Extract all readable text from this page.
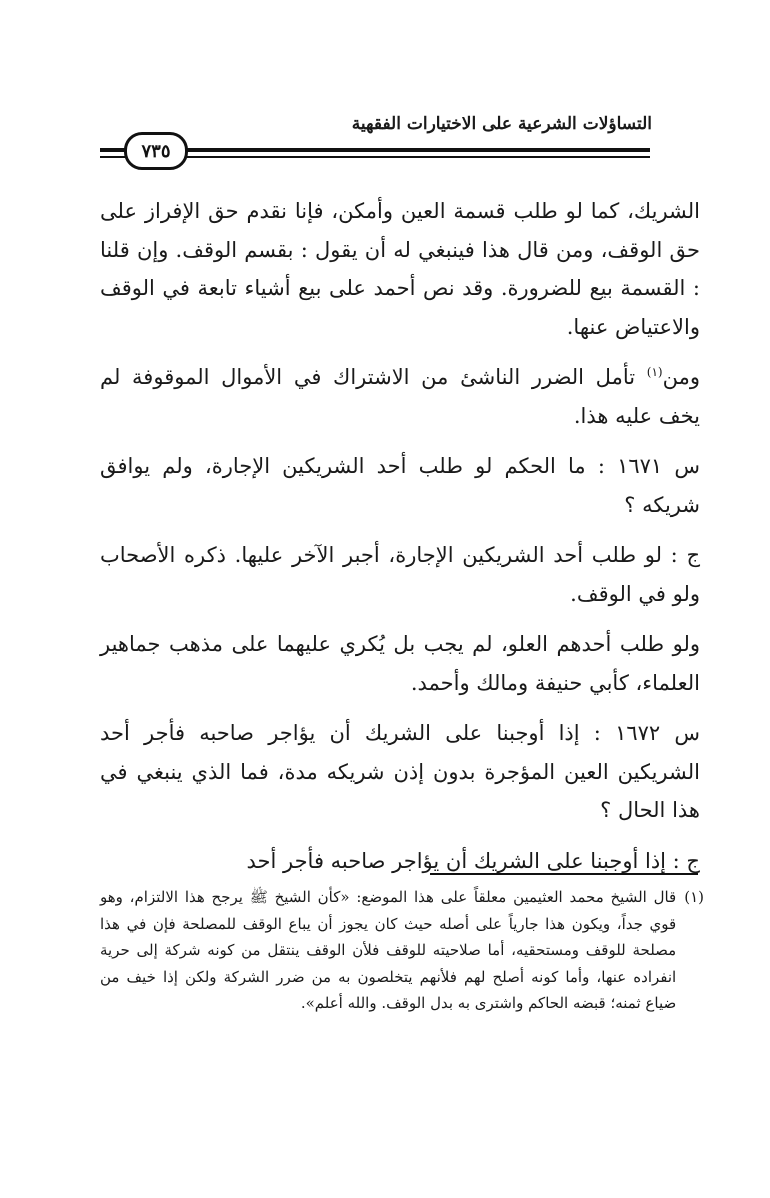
التساؤلات الشرعية على الاختيارات الفقهية
٧٣٥

الشريك، كما لو طلب قسمة العين وأمكن، فإنا نقدم حق الإفراز على حق الوقف، ومن قال هذا فينبغي له أن يقول : بقسم الوقف. وإن قلنا : القسمة بيع للضرورة. وقد نص أحمد على بيع أشياء تابعة في الوقف والاعتياض عنها.

ومن$^{(١)}$ تأمل الضرر الناشئ من الاشتراك في الأموال الموقوفة لم يخف عليه هذا.

س ١٦٧١ : ما الحكم لو طلب أحد الشريكين الإجارة، ولم يوافق شريكه ؟

ج : لو طلب أحد الشريكين الإجارة، أجبر الآخر عليها. ذكره الأصحاب ولو في الوقف.

ولو طلب أحدهم العلو، لم يجب بل يُكري عليهما على مذهب جماهير العلماء، كأبي حنيفة ومالك وأحمد.

س ١٦٧٢ : إذا أوجبنا على الشريك أن يؤاجر صاحبه فأجر أحد الشريكين العين المؤجرة بدون إذن شريكه مدة، فما الذي ينبغي في هذا الحال ؟

ج : إذا أوجبنا على الشريك أن يؤاجر صاحبه فأجر أحد

(١)
قال الشيخ محمد العثيمين معلقاً على هذا الموضع: «كأن الشيخ ﷺ يرجح هذا الالتزام، وهو قوي جداً، ويكون هذا جارياً على أصله حيث كان يجوز أن يباع الوقف للمصلحة فإن في هذا مصلحة للوقف ومستحقيه، أما صلاحيته للوقف فلأن الوقف ينتقل من كونه شركة إلى حرية انفراده عنها، وأما كونه أصلح لهم فلأنهم يتخلصون به من ضرر الشركة ولكن إذا خيف من ضياع ثمنه؛ قبضه الحاكم واشترى به بدل الوقف. والله أعلم».
